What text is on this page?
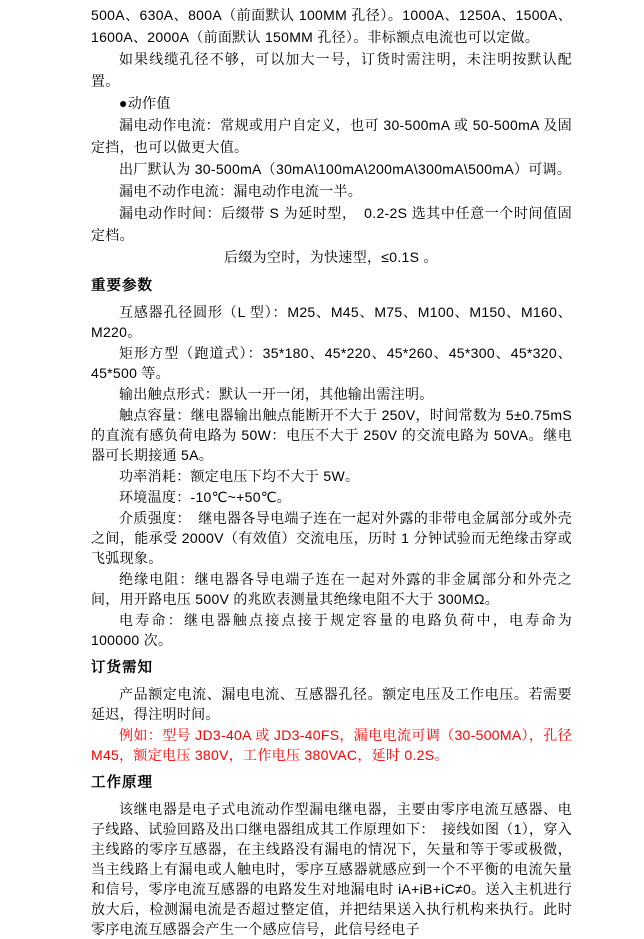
500A、630A、800A（前面默认 100MM 孔径）。1000A、1250A、1500A、1600A、2000A（前面默认 150MM 孔径）。非标额点电流也可以定做。

如果线缆孔径不够，可以加大一号，订货时需注明，未注明按默认配置。

●动作值

漏电动作电流：常规或用户自定义，也可 30-500mA 或 50-500mA 及固定挡，也可以做更大值。

出厂默认为 30-500mA（30mA\100mA\200mA\300mA\500mA）可调。

漏电不动作电流：漏电动作电流一半。

漏电动作时间：后缀带 S 为延时型，　0.2-2S 选其中任意一个时间值固定档。

后缀为空时，为快速型，≤0.1S 。

重要参数

互感器孔径圆形（L 型）：M25、M45、M75、M100、M150、M160、M220。

矩形方型（跑道式）：35*180、45*220、45*260、45*300、45*320、45*500 等。

输出触点形式：默认一开一闭，其他输出需注明。

触点容量：继电器输出触点能断开不大于 250V，时间常数为 5±0.75mS 的直流有感负荷电路为 50W：电压不大于 250V 的交流电路为 50VA。继电器可长期接通 5A。

功率消耗：额定电压下均不大于 5W。

环境温度：-10℃~+50℃。

介质强度：　继电器各导电端子连在一起对外露的非带电金属部分或外壳之间，能承受 2000V（有效值）交流电压，历时 1 分钟试验而无绝缘击穿或飞弧现象。

绝缘电阻：继电器各导电端子连在一起对外露的非金属部分和外壳之间，用开路电压 500V 的兆欧表测量其绝缘电阻不大于 300MΩ。

电寿命：继电器触点接点接于规定容量的电路负荷中，电寿命为 100000 次。

订货需知

产品额定电流、漏电电流、互感器孔径。额定电压及工作电压。若需要延迟，得注明时间。

例如：型号 JD3-40A 或 JD3-40FS，漏电电流可调（30-500MA），孔径 M45，额定电压 380V，工作电压 380VAC，延时 0.2S。

工作原理

该继电器是电子式电流动作型漏电继电器，主要由零序电流互感器、电子线路、试验回路及出口继电器组成其工作原理如下：　接线如图（1），穿入主线路的零序互感器，在主线路没有漏电的情况下，矢量和等于零或极微，当主线路上有漏电或人触电时，零序互感器就感应到一个不平衡的电流矢量和信号，零序电流互感器的电路发生对地漏电时 iA+iB+iC≠0。送入主机进行放大后，检测漏电流是否超过整定值，并把结果送入执行机构来执行。此时零序电流互感器会产生一个感应信号，此信号经电子
